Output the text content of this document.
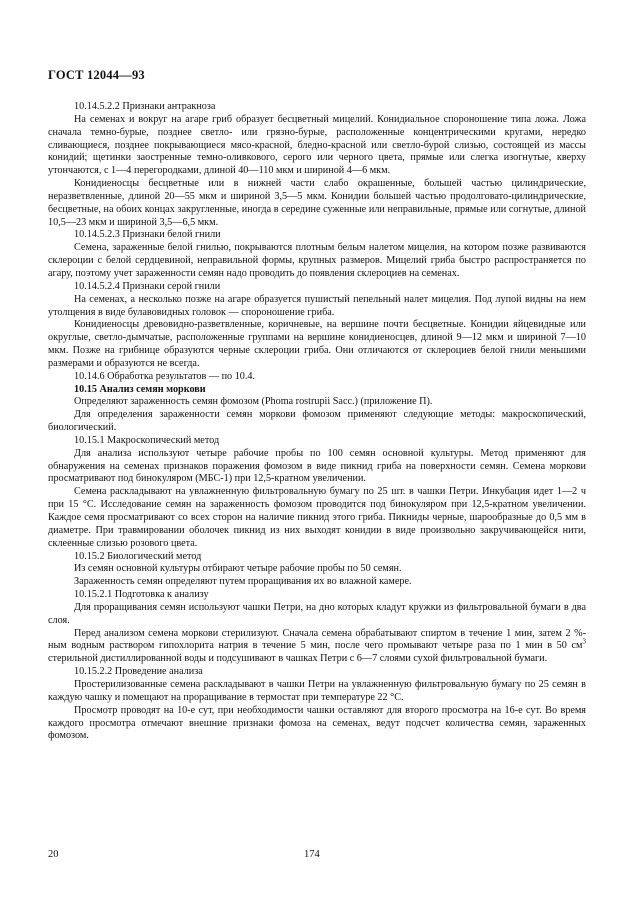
ГОСТ 12044—93

10.14.5.2.2 Признаки антракноза

На семенах и вокруг на агаре гриб образует бесцветный мицелий. Конидиальное спороношение типа ложа. Ложа сначала темно-бурые, позднее светло- или грязно-бурые, расположенные концентрическими кругами, нередко сливающиеся, позднее покрывающиеся мясо-красной, бледно-красной или светло-бурой слизью, состоящей из массы конидий; щетинки заостренные темно-оливкового, серого или черного цвета, прямые или слегка изогнутые, кверху утончаются, с 1—4 перегородками, длиной 40—110 мкм и шириной 4—6 мкм.

Конидиеносцы бесцветные или в нижней части слабо окрашенные, большей частью цилиндрические, неразветвленные, длиной 20—55 мкм и шириной 3,5—5 мкм. Конидии большей частью продолговато-цилиндрические, бесцветные, на обоих концах закругленные, иногда в середине суженные или неправильные, прямые или согнутые, длиной 10,5—23 мкм и шириной 3,5—6,5 мкм.

10.14.5.2.3 Признаки белой гнили

Семена, зараженные белой гнилью, покрываются плотным белым налетом мицелия, на котором позже развиваются склероции с белой сердцевиной, неправильной формы, крупных размеров. Мицелий гриба быстро распространяется по агару, поэтому учет зараженности семян надо проводить до появления склероциев на семенах.

10.14.5.2.4 Признаки серой гнили

На семенах, а несколько позже на агаре образуется пушистый пепельный налет мицелия. Под лупой видны на нем утолщения в виде булавовидных головок — спороношение гриба.

Конидиеносцы древовидно-разветвленные, коричневые, на вершине почти бесцветные. Конидии яйцевидные или округлые, светло-дымчатые, расположенные группами на вершине конидиеносцев, длиной 9—12 мкм и шириной 7—10 мкм. Позже на грибнице образуются черные склероции гриба. Они отличаются от склероциев белой гнили меньшими размерами и образуются не всегда.

10.14.6 Обработка результатов — по 10.4.

10.15 Анализ семян моркови

Определяют зараженность семян фомозом (Phoma rostrupii Sacc.) (приложение П).

Для определения зараженности семян моркови фомозом применяют следующие методы: макроскопический, биологический.

10.15.1 Макроскопический метод

Для анализа используют четыре рабочие пробы по 100 семян основной культуры. Метод применяют для обнаружения на семенах признаков поражения фомозом в виде пикнид гриба на поверхности семян. Семена моркови просматривают под бинокуляром (МБС-1) при 12,5-кратном увеличении.

Семена раскладывают на увлажненную фильтровальную бумагу по 25 шт. в чашки Петри. Инкубация идет 1—2 ч при 15 °С. Исследование семян на зараженность фомозом проводится под бинокуляром при 12,5-кратном увеличении. Каждое семя просматривают со всех сторон на наличие пикнид этого гриба. Пикниды черные, шарообразные до 0,5 мм в диаметре. При травмировании оболочек пикнид из них выходят конидии в виде произвольно закручивающейся нити, склеенные слизью розового цвета.

10.15.2 Биологический метод

Из семян основной культуры отбирают четыре рабочие пробы по 50 семян.

Зараженность семян определяют путем проращивания их во влажной камере.

10.15.2.1 Подготовка к анализу

Для проращивания семян используют чашки Петри, на дно которых кладут кружки из фильтровальной бумаги в два слоя.

Перед анализом семена моркови стерилизуют. Сначала семена обрабатывают спиртом в течение 1 мин, затем 2 %-ным водным раствором гипохлорита натрия в течение 5 мин, после чего промывают четыре раза по 1 мин в 50 $см^3$ стерильной дистиллированной воды и подсушивают в чашках Петри с 6—7 слоями сухой фильтровальной бумаги.

10.15.2.2 Проведение анализа

Простерилизованные семена раскладывают в чашки Петри на увлажненную фильтровальную бумагу по 25 семян в каждую чашку и помещают на проращивание в термостат при температуре 22 °С.

Просмотр проводят на 10-е сут, при необходимости чашки оставляют для второго просмотра на 16-е сут. Во время каждого просмотра отмечают внешние признаки фомоза на семенах, ведут подсчет количества семян, зараженных фомозом.

20	174
